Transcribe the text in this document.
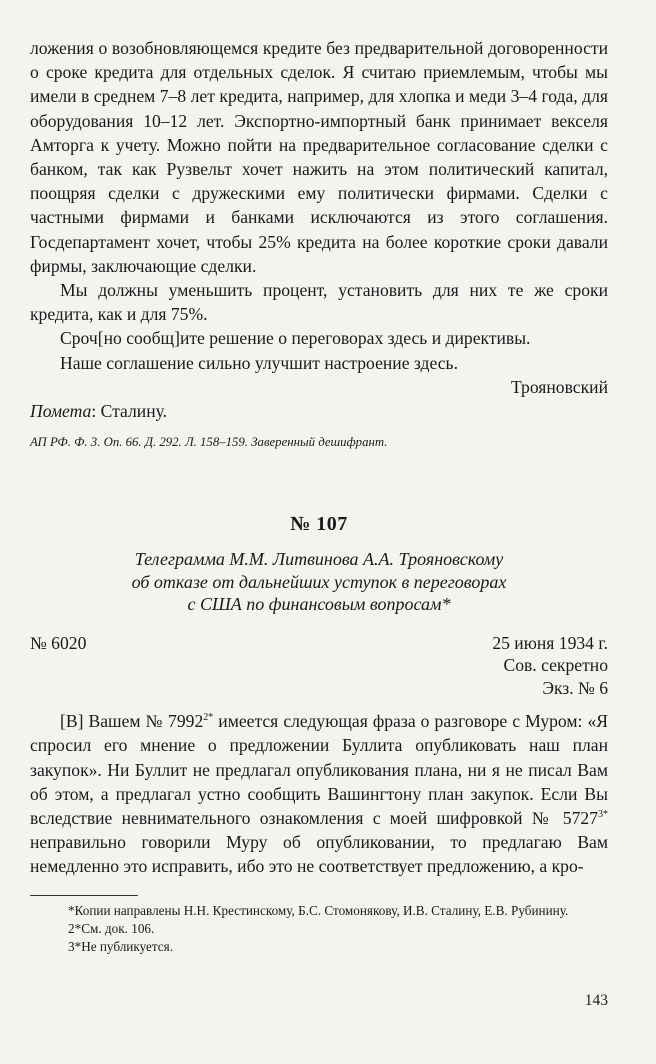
ложения о возобновляющемся кредите без предварительной договоренности о сроке кредита для отдельных сделок. Я считаю приемлемым, чтобы мы имели в среднем 7–8 лет кредита, например, для хлопка и меди 3–4 года, для оборудования 10–12 лет. Экспортно-импортный банк принимает векселя Амторга к учету. Можно пойти на предварительное согласование сделки с банком, так как Рузвельт хочет нажить на этом политический капитал, поощряя сделки с дружескими ему политически фирмами. Сделки с частными фирмами и банками исключаются из этого соглашения. Госдепартамент хочет, чтобы 25% кредита на более короткие сроки давали фирмы, заключающие сделки.

Мы должны уменьшить процент, установить для них те же сроки кредита, как и для 75%.

Сроч[но сообщ]ите решение о переговорах здесь и директивы.

Наше соглашение сильно улучшит настроение здесь.

Трояновский

Помета: Сталину.

АП РФ. Ф. 3. Оп. 66. Д. 292. Л. 158–159. Заверенный дешифрант.

№ 107
Телеграмма М.М. Литвинова А.А. Трояновскому
об отказе от дальнейших уступок в переговорах
с США по финансовым вопросам*
№ 6020	25 июня 1934 г.
Сов. секретно
Экз. № 6

[В] Вашем № $7992^{2*}$ имеется следующая фраза о разговоре с Муром: «Я спросил его мнение о предложении Буллита опубликовать наш план закупок». Ни Буллит не предлагал опубликования плана, ни я не писал Вам об этом, а предлагал устно сообщить Вашингтону план закупок. Если Вы вследствие невнимательного ознакомления с моей шифровкой № $5727^{3*}$ неправильно говорили Муру об опубликовании, то предлагаю Вам немедленно это исправить, ибо это не соответствует предложению, а кро-

*Копии направлены Н.Н. Крестинскому, Б.С. Стомонякову, И.В. Сталину, Е.В. Рубинину.

2*См. док. 106.

3*Не публикуется.

143
